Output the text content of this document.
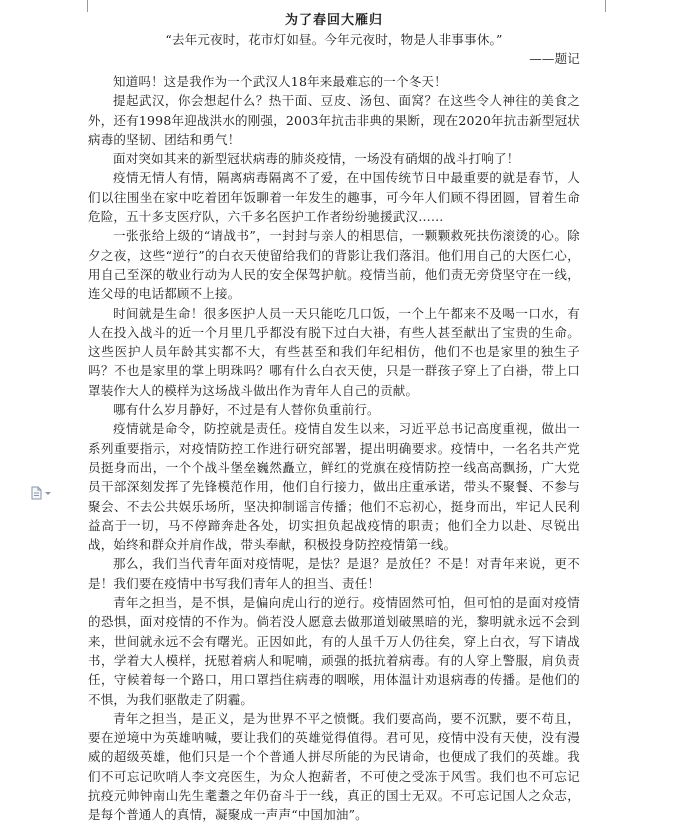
为了春回大雁归

“去年元夜时，花市灯如昼。今年元夜时，物是人非事事休。”

——题记

知道吗！这是我作为一个武汉人18年来最难忘的一个冬天！

提起武汉，你会想起什么？热干面、豆皮、汤包、面窝？在这些令人神往的美食之外，还有1998年迎战洪水的刚强，2003年抗击非典的果断，现在2020年抗击新型冠状病毒的坚韧、团结和勇气！

面对突如其来的新型冠状病毒的肺炎疫情，一场没有硝烟的战斗打响了！

疫情无情人有情，隔离病毒隔离不了爱，在中国传统节日中最重要的就是春节，人们以往围坐在家中吃着团年饭聊着一年发生的趣事，可今年人们顾不得团圆，冒着生命危险，五十多支医疗队，六千多名医护工作者纷纷驰援武汉……

一张张给上级的“请战书”，一封封与亲人的相思信，一颗颗救死扶伤滚烫的心。除夕之夜，这些“逆行”的白衣天使留给我们的背影让我们落泪。他们用自己的大医仁心，用自己至深的敬业行动为人民的安全保驾护航。疫情当前，他们责无旁贷坚守在一线，连父母的电话都顾不上接。

时间就是生命！很多医护人员一天只能吃几口饭，一个上午都来不及喝一口水，有人在投入战斗的近一个月里几乎都没有脱下过白大褂，有些人甚至献出了宝贵的生命。这些医护人员年龄其实都不大，有些甚至和我们年纪相仿，他们不也是家里的独生子吗？不也是家里的掌上明珠吗？哪有什么白衣天使，只是一群孩子穿上了白褂，带上口罩装作大人的模样为这场战斗做出作为青年人自己的贡献。

哪有什么岁月静好，不过是有人替你负重前行。

疫情就是命令，防控就是责任。疫情自发生以来，习近平总书记高度重视，做出一系列重要指示，对疫情防控工作进行研究部署，提出明确要求。疫情中，一名名共产党员挺身而出，一个个战斗堡垒巍然矗立，鲜红的党旗在疫情防控一线高高飘扬，广大党员干部深刻发挥了先锋模范作用，他们自行接力，做出庄重承诺，带头不聚餐、不参与聚会、不去公共娱乐场所，坚决抑制谣言传播；他们不忘初心，挺身而出，牢记人民利益高于一切，马不停蹄奔赴各处，切实担负起战疫情的职责；他们全力以赴、尽锐出战，始终和群众并肩作战，带头奉献，积极投身防控疫情第一线。

那么，我们当代青年面对疫情呢，是怯？是退？是放任？不是！对青年来说，更不是！我们要在疫情中书写我们青年人的担当、责任！

青年之担当，是不惧，是偏向虎山行的逆行。疫情固然可怕，但可怕的是面对疫情的恐惧，面对疫情的不作为。倘若没人愿意去做那道划破黑暗的光，黎明就永远不会到来，世间就永远不会有曙光。正因如此，有的人虽千万人仍往矣，穿上白衣，写下请战书，学着大人模样，抚慰着病人和呢喃，顽强的抵抗着病毒。有的人穿上警服，肩负责任，守候着每一个路口，用口罩挡住病毒的咽喉，用体温计劝退病毒的传播。是他们的不惧，为我们驱散走了阴霾。

青年之担当，是正义，是为世界不平之愤慨。我们要高尚，要不沉默，要不苟且，要在逆境中为英雄呐喊，要让我们的英雄觉得值得。君可见，疫情中没有天使，没有漫威的超级英雄，他们只是一个个普通人拼尽所能的为民请命，也便成了我们的英雄。我们不可忘记吹哨人李文亮医生，为众人抱薪者，不可使之受冻于风雪。我们也不可忘记抗疫元帅钟南山先生耄耋之年仍奋斗于一线，真正的国士无双。不可忘记国人之众志，是每个普通人的真情，凝聚成一声声“中国加油”。
